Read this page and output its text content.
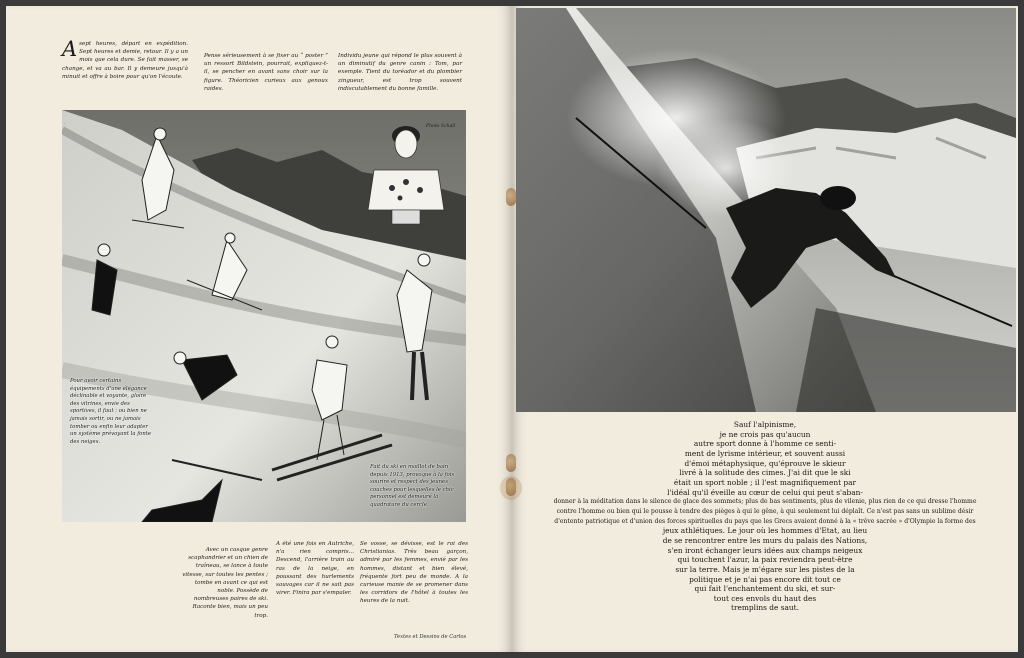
Asept heures, départ en expédition. Sept heures et demie, retour. Il y a un mois que cela dure. Se fait masser, se change, et va au bar. Il y demeure jusqu'à minuit et offre à boire pour qu'on l'écoute.
Pense sérieusement à se fixer au “ poster ” un ressort Bildstein, pourrait, expliquez-t-il, se pencher en avant sans choir sur la figure. Théoricien curieux aux genoux raides.
Individu jeune qui répond le plus souvent à un diminutif du genre canin : Tom, par exemple. Tient du toréador et du plombier zingueur, est trop souvent indiscutablement du bonne famille.
.
Photo Schall
Pour avoir certains équipements d'une élégance déclinable et voyante, gloire des vitrines, envie des sportives, il faut : ou bien ne jamais sortir, ou ne jamais tomber ou enfin leur adapter un système prévoyant la fonte des neiges.
Fait du ski en maillot de bain depuis 1913, provoque à la fois sourire et respect des jeunes couches pour lesquelles le chic personnel est demeuré la quadrature du cercle.
Avec un casque genre scaphandrier et un chien de traîneau, se lance à toute vitesse, sur toutes les pentes ; tombe en avant ce qui est noble. Possède de nombreuses paires de ski. Raconte bien, mais un peu trop.
A été une fois en Autriche, n'a rien compris... Descend, l'arrière train au ras de la neige, en poussant des hurlements sauvages car il ne sait pas virer. Finira par s'empaler.
Se vosse, se dévisse, est le roi des Christianias. Très beau garçon, admiré par les femmes, envié par les hommes, distant et bien élevé, fréquente fort peu de monde. A la curieuse manie de se promener dans les corridors de l'hôtel à toutes les heures de la nuit.
Textes et Dessins de Carlos
Sauf l'alpinisme,
je ne crois pas qu'aucun
autre sport donne à l'homme ce senti-
ment de lyrisme intérieur, et souvent aussi
d'émoi métaphysique, qu'éprouve le skieur
livré à la solitude des cimes. J'ai dit que le ski
était un sport noble ; il l'est magnifiquement par
l'idéal qu'il éveille au cœur de celui qui peut s'aban-
donner à la méditation dans le silence de glace des sommets; plus de bas sentiments, plus de vilenie, plus rien de ce qui dresse l'homme
contre l'homme ou bien qui le pousse à tendre des pièges à qui le gêne, à qui seulement lui déplaît. Ce n'est pas sans un sublime désir
d'entente patriotique et d'union des forces spirituelles du pays que les Grecs avaient donné à la « trêve sacrée » d'Olympie la forme des
jeux athlétiques. Le jour où les hommes d'Etat, au lieu
de se rencontrer entre les murs du palais des Nations,
s'en iront échanger leurs idées aux champs neigeux
qui touchent l'azur, la paix reviendra peut-être
sur la terre. Mais je m'égare sur les pistes de la
politique et je n'ai pas encore dit tout ce
qui fait l'enchantement du ski, et sur-
tout ces envols du haut des
tremplins de saut.
